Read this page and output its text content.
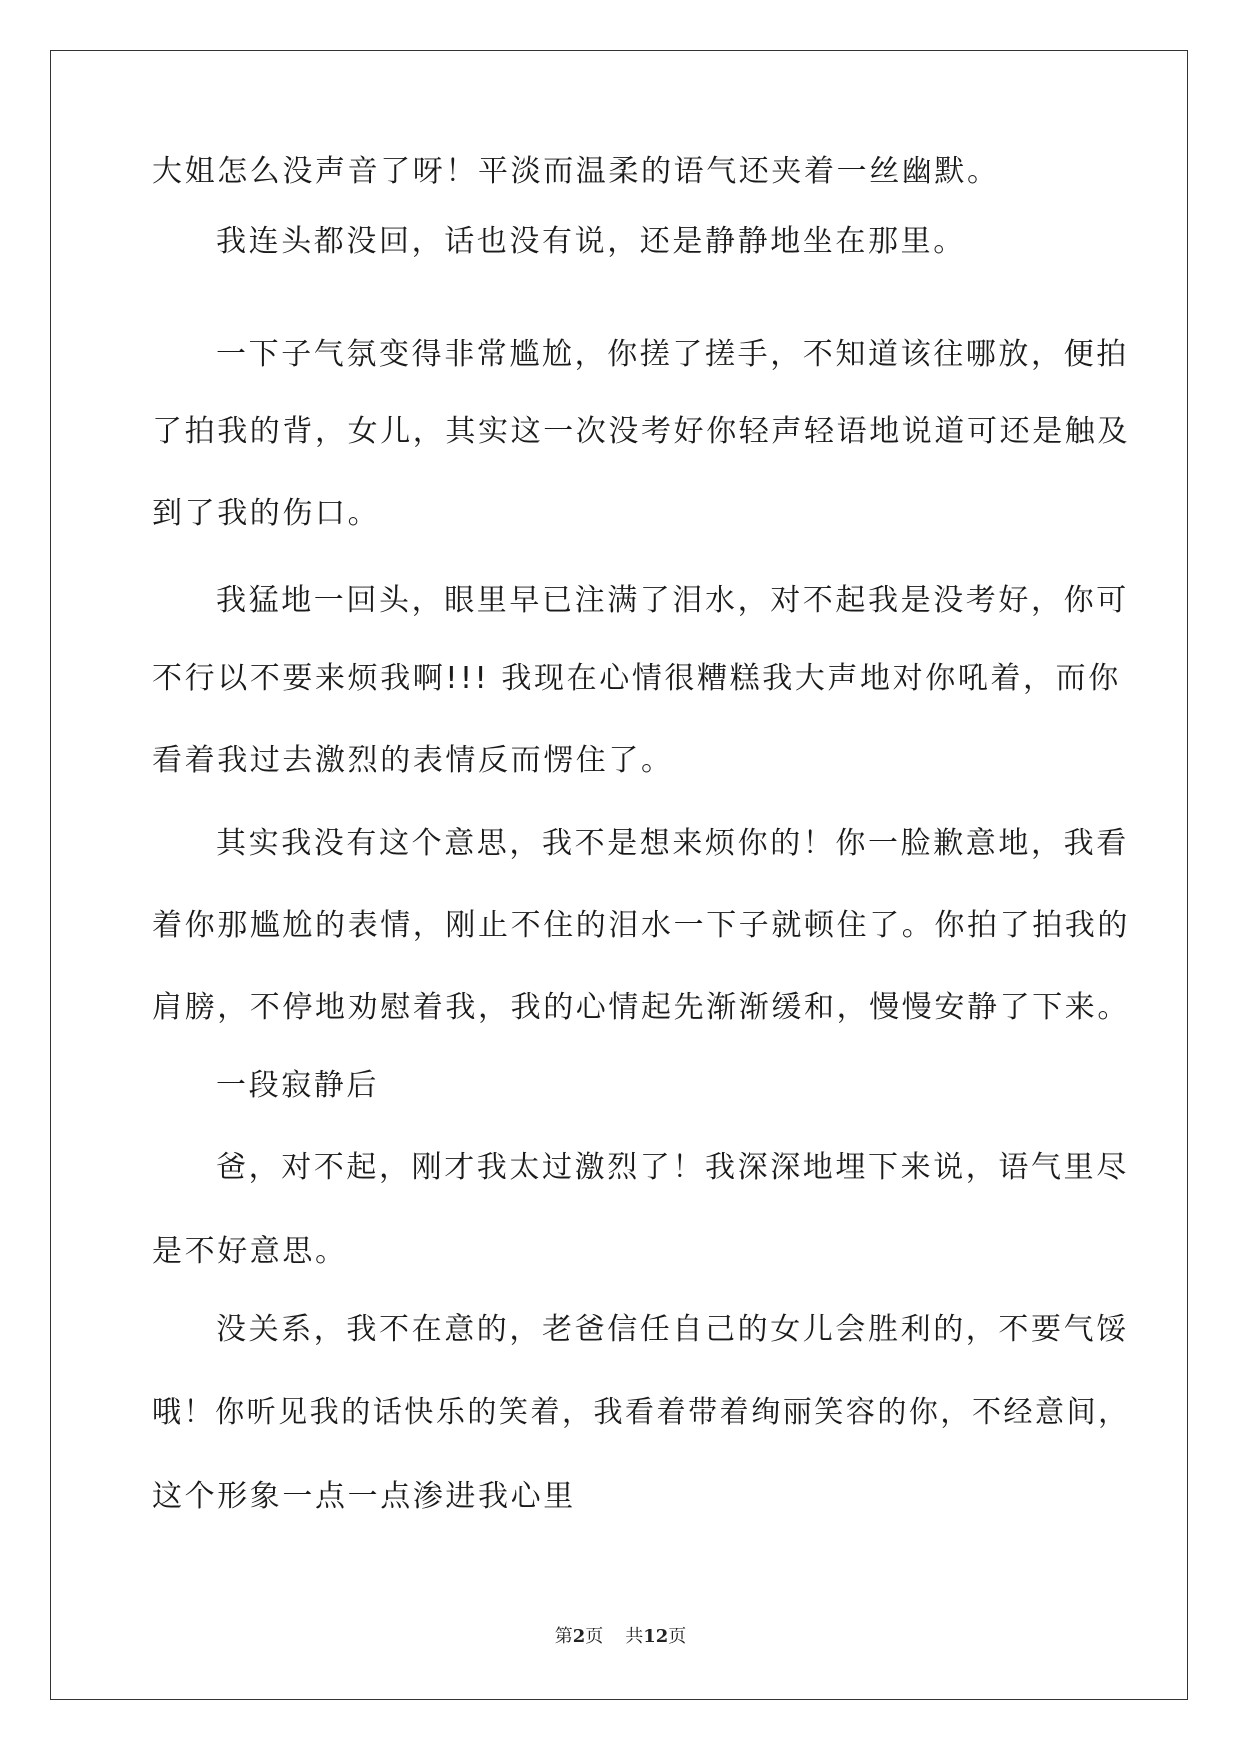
大姐怎么没声音了呀！平淡而温柔的语气还夹着一丝幽默。

我连头都没回，话也没有说，还是静静地坐在那里。

一下子气氛变得非常尴尬，你搓了搓手，不知道该往哪放，便拍

了拍我的背，女儿，其实这一次没考好你轻声轻语地说道可还是触及

到了我的伤口。

我猛地一回头，眼里早已注满了泪水，对不起我是没考好，你可

不行以不要来烦我啊!!! 我现在心情很糟糕我大声地对你吼着，而你

看着我过去激烈的表情反而愣住了。

其实我没有这个意思，我不是想来烦你的！你一脸歉意地，我看

着你那尴尬的表情，刚止不住的泪水一下子就顿住了。你拍了拍我的

肩膀，不停地劝慰着我，我的心情起先渐渐缓和，慢慢安静了下来。

一段寂静后

爸，对不起，刚才我太过激烈了！我深深地埋下来说，语气里尽

是不好意思。

没关系，我不在意的，老爸信任自己的女儿会胜利的，不要气馁

哦！你听见我的话快乐的笑着，我看着带着绚丽笑容的你，不经意间，

这个形象一点一点渗进我心里

第2页 共12页
